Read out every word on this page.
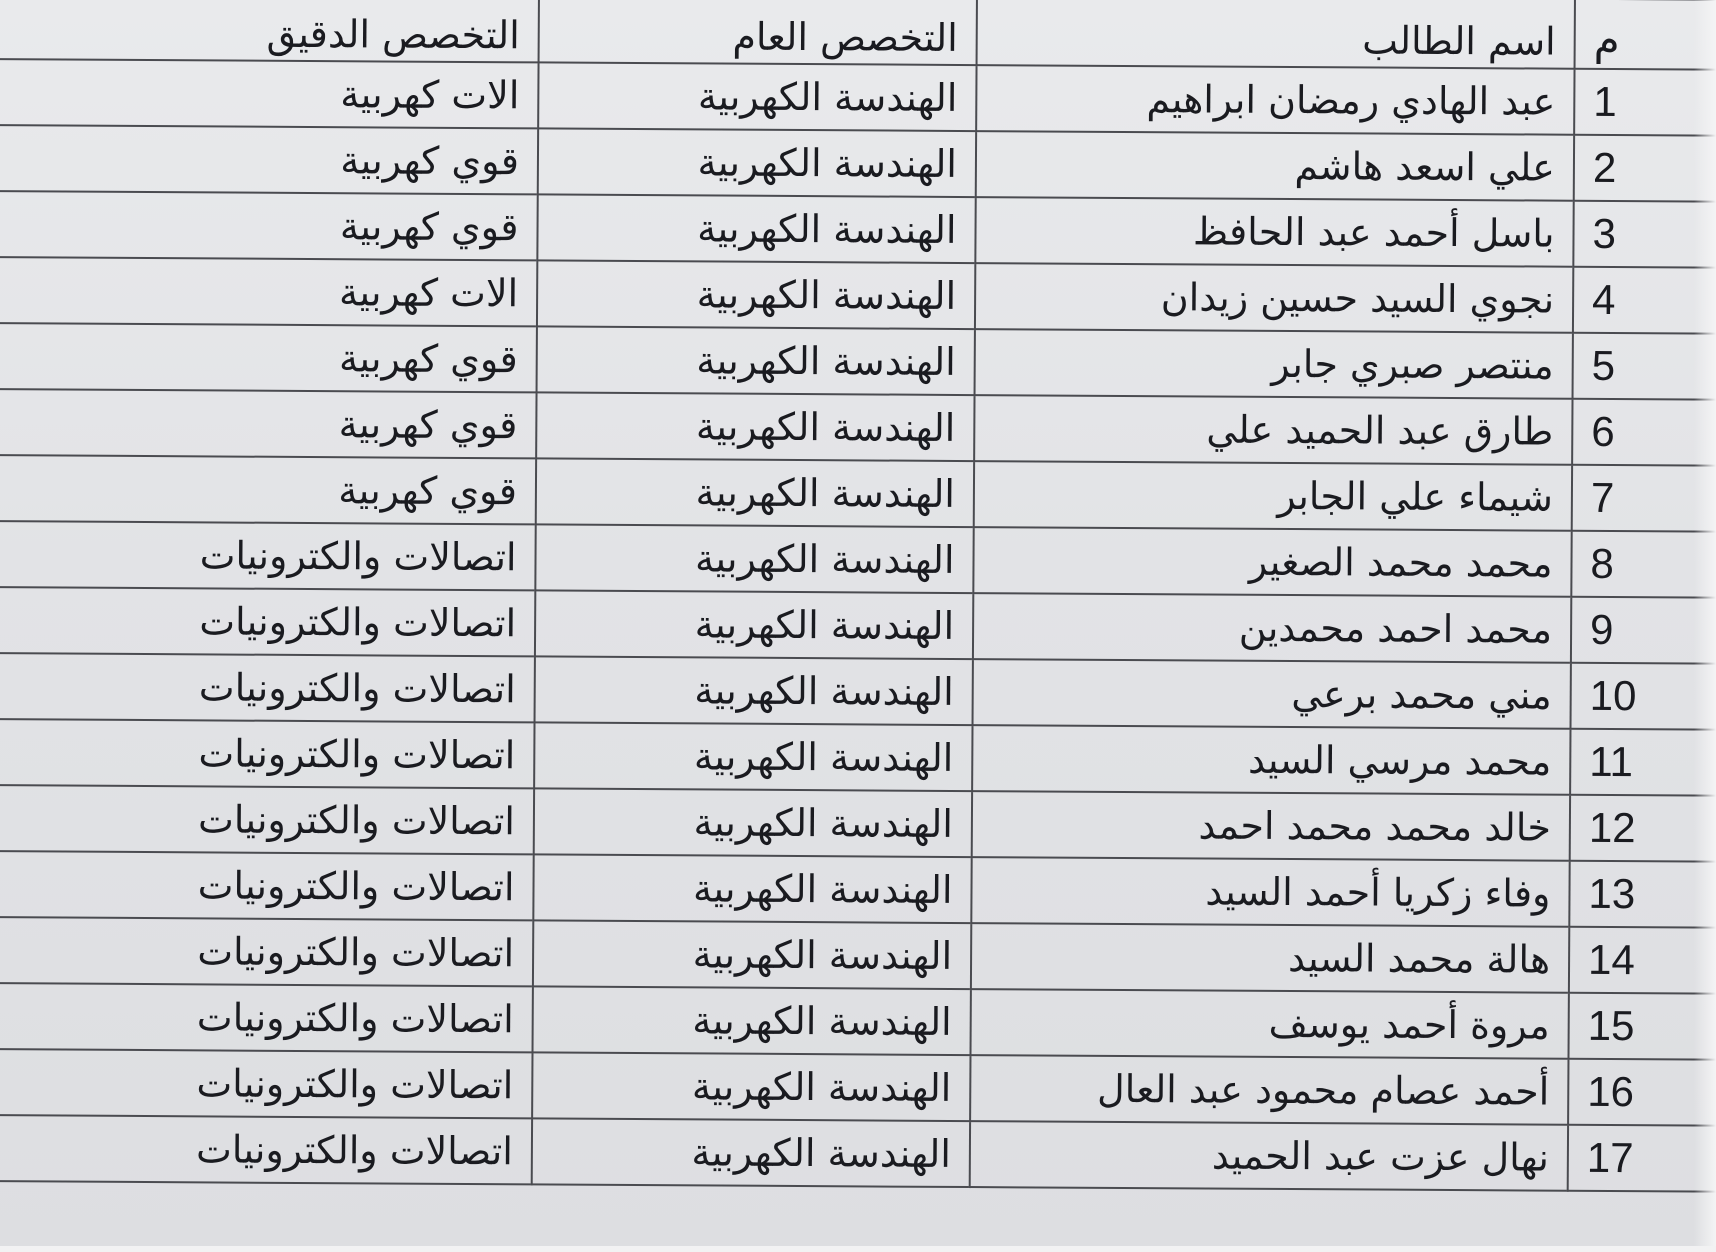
م	اسم الطالب	التخصص العام	التخصص الدقيق
1	عبد الهادي رمضان ابراهيم	الهندسة الكهربية	الات كهربية
2	علي اسعد هاشم	الهندسة الكهربية	قوي كهربية
3	باسل أحمد عبد الحافظ	الهندسة الكهربية	قوي كهربية
4	نجوي السيد حسين زيدان	الهندسة الكهربية	الات كهربية
5	منتصر صبري جابر	الهندسة الكهربية	قوي كهربية
6	طارق عبد الحميد علي	الهندسة الكهربية	قوي كهربية
7	شيماء علي الجابر	الهندسة الكهربية	قوي كهربية
8	محمد محمد الصغير	الهندسة الكهربية	اتصالات والكترونيات
9	محمد احمد محمدين	الهندسة الكهربية	اتصالات والكترونيات
10	مني محمد برعي	الهندسة الكهربية	اتصالات والكترونيات
11	محمد مرسي السيد	الهندسة الكهربية	اتصالات والكترونيات
12	خالد محمد محمد احمد	الهندسة الكهربية	اتصالات والكترونيات
13	وفاء زكريا أحمد السيد	الهندسة الكهربية	اتصالات والكترونيات
14	هالة محمد السيد	الهندسة الكهربية	اتصالات والكترونيات
15	مروة أحمد يوسف	الهندسة الكهربية	اتصالات والكترونيات
16	أحمد عصام محمود عبد العال	الهندسة الكهربية	اتصالات والكترونيات
17	نهال عزت عبد الحميد	الهندسة الكهربية	اتصالات والكترونيات
